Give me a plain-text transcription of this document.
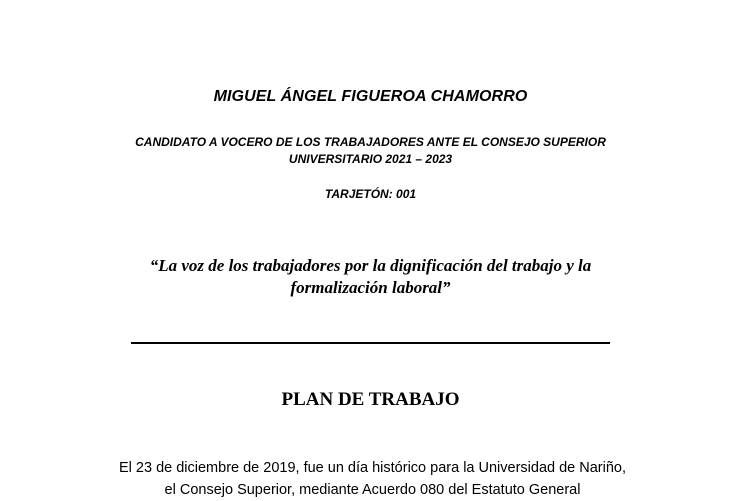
MIGUEL ÁNGEL FIGUEROA CHAMORRO
CANDIDATO A VOCERO DE LOS TRABAJADORES ANTE EL CONSEJO SUPERIOR
UNIVERSITARIO 2021 – 2023
TARJETÓN: 001
“La voz de los trabajadores por la dignificación del trabajo y la
formalización laboral”
PLAN DE TRABAJO
El 23 de diciembre de 2019, fue un día histórico para la Universidad de Nariño,
el Consejo Superior, mediante Acuerdo 080 del Estatuto General
